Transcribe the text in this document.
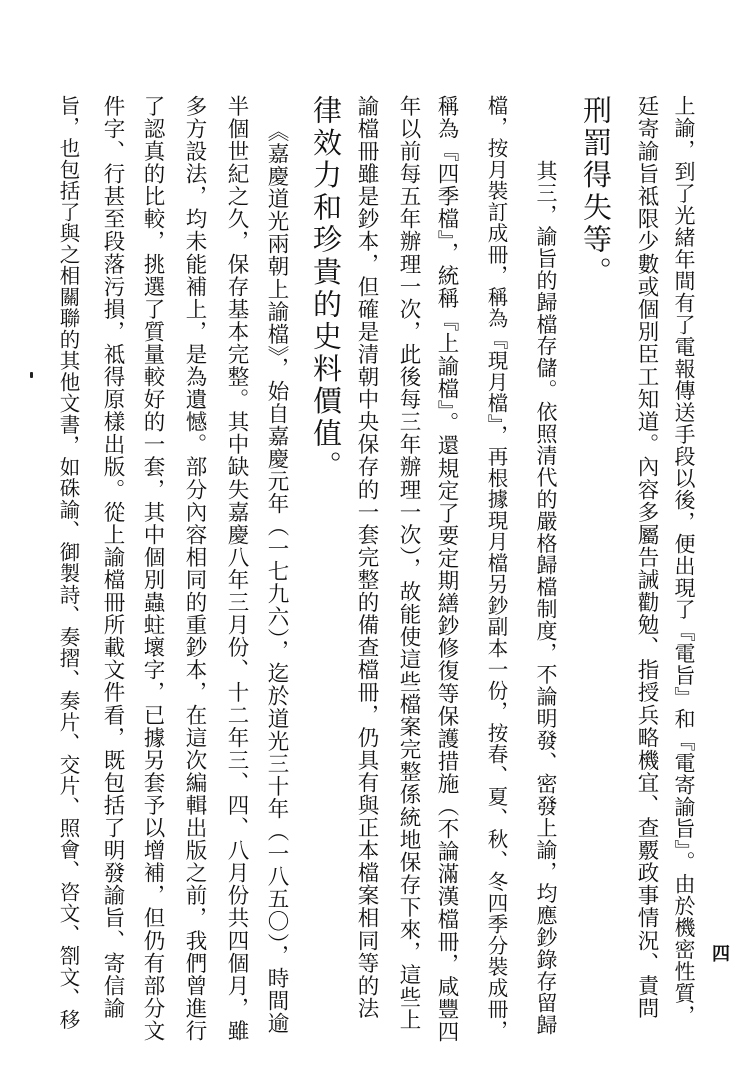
上諭，到了光緒年間有了電報傳送手段以後，便出現了『電旨』和『電寄諭旨』。由於機密性質，
廷寄諭旨祗限少數或個別臣工知道。內容多屬告誡勸勉、指授兵略機宜、查覈政事情況、責問
刑罰得失等。
其三，諭旨的歸檔存儲。依照清代的嚴格歸檔制度，不論明發、密發上諭，均應鈔錄存留歸
檔，按月裝訂成冊，稱為『現月檔』，再根據現月檔另鈔副本一份，按春、夏、秋、冬四季分裝成冊，
稱為『四季檔』，統稱『上諭檔』。還規定了要定期繕鈔修復等保護措施（不論滿漢檔冊，咸豐四
年以前每五年辦理一次，此後每三年辦理一次），故能使這些檔案完整係統地保存下來，這些上
諭檔冊雖是鈔本，但確是清朝中央保存的一套完整的備查檔冊，仍具有與正本檔案相同等的法
律效力和珍貴的史料價值。
《嘉慶道光兩朝上諭檔》，始自嘉慶元年（一七九六），迄於道光三十年（一八五〇），時間逾
半個世紀之久，保存基本完整。其中缺失嘉慶八年三月份、十二年三、四、八月份共四個月，雖
多方設法，均未能補上，是為遺憾。部分內容相同的重鈔本，在這次編輯出版之前，我們曾進行
了認真的比較，挑選了質量較好的一套，其中個別蟲蛀壞字，已據另套予以增補，但仍有部分文
件字、行甚至段落污損，祗得原樣出版。從上諭檔冊所載文件看，既包括了明發諭旨、寄信諭
旨，也包括了與之相關聯的其他文書，如硃諭、御製詩、奏摺、奏片、交片、照會、咨文、劄文、移	四
